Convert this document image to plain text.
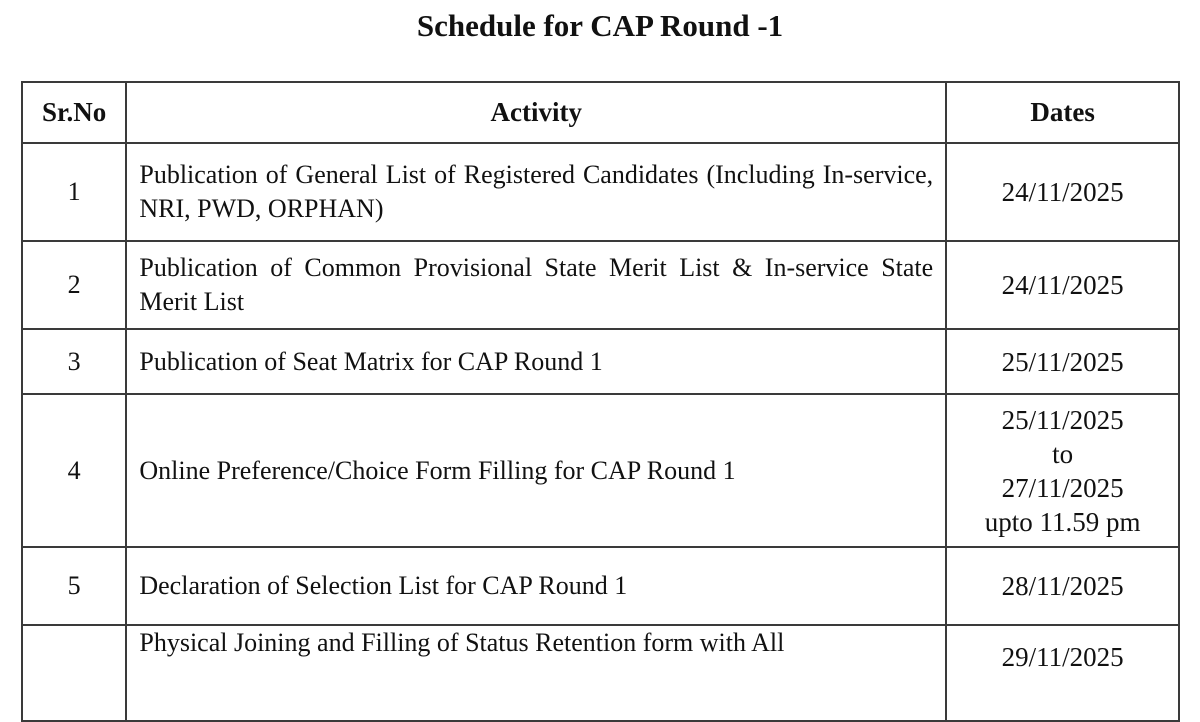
Schedule for CAP Round -1
Sr.No	Activity	Dates
1	Publication of General List of Registered Candidates (Including In-service, NRI, PWD, ORPHAN)	24/11/2025

2	Publication of Common Provisional State Merit List & In-service State Merit List	24/11/2025

3	Publication of Seat Matrix for CAP Round 1	25/11/2025

4	Online Preference/Choice Form Filling for CAP Round 1	25/11/2025
to
27/11/2025
upto 11.59 pm

5	Declaration of Selection List for CAP Round 1	28/11/2025

	Physical Joining and Filling of Status Retention form with All	29/11/2025
